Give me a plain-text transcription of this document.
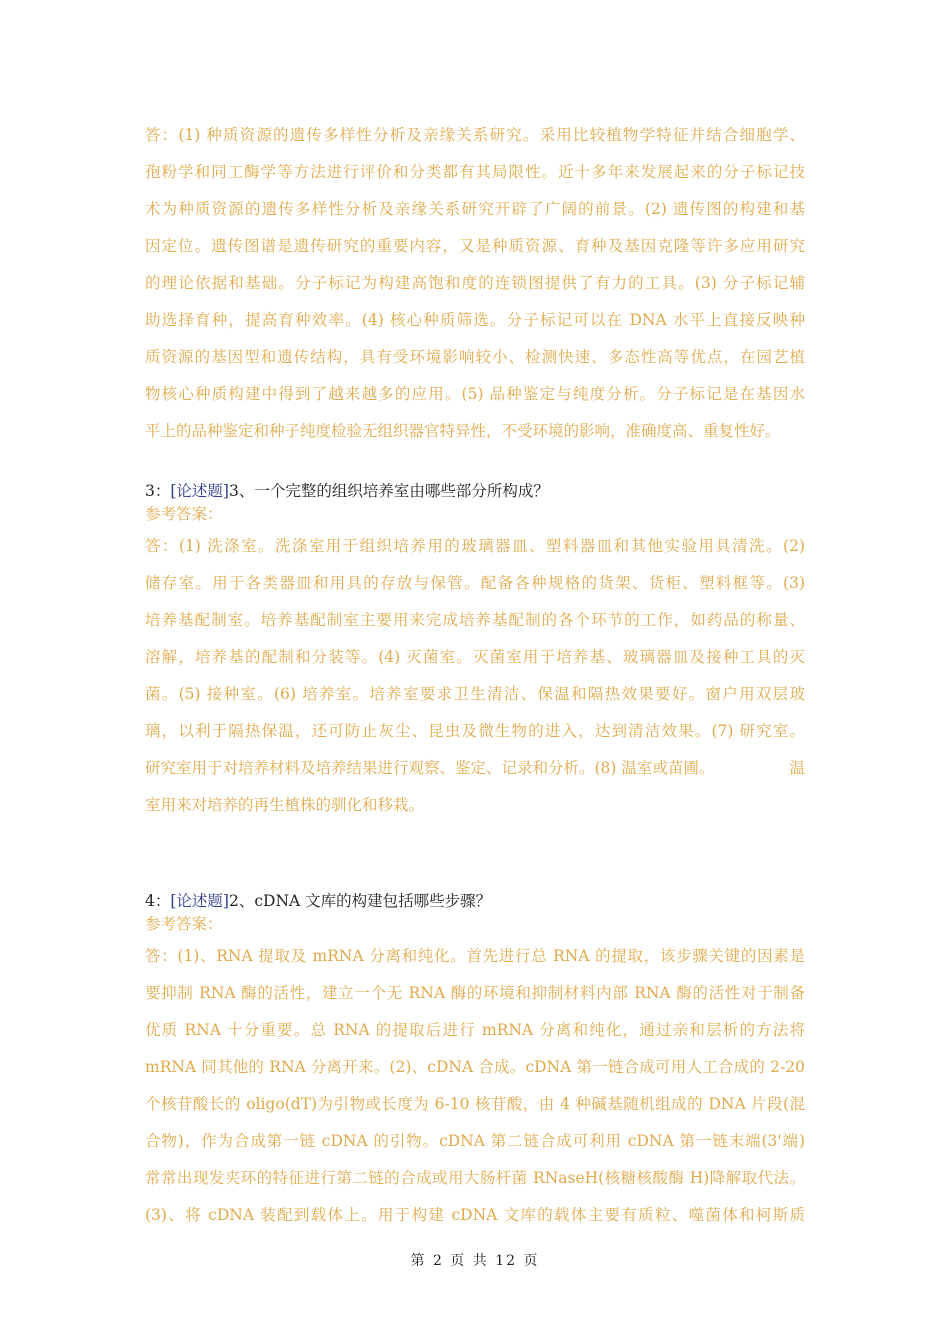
答：(1) 种质资源的遗传多样性分析及亲缘关系研究。采用比较植物学特征并结合细胞学、
孢粉学和同工酶学等方法进行评价和分类都有其局限性。近十多年来发展起来的分子标记技
术为种质资源的遗传多样性分析及亲缘关系研究开辟了广阔的前景。(2) 遗传图的构建和基
因定位。遗传图谱是遗传研究的重要内容，又是种质资源、育种及基因克隆等许多应用研究
的理论依据和基础。分子标记为构建高饱和度的连锁图提供了有力的工具。(3) 分子标记辅
助选择育种，提高育种效率。(4) 核心种质筛选。分子标记可以在 DNA 水平上直接反映种
质资源的基因型和遗传结构，具有受环境影响较小、检测快速、多态性高等优点，在园艺植
物核心种质构建中得到了越来越多的应用。(5) 品种鉴定与纯度分析。分子标记是在基因水
平上的品种鉴定和种子纯度检验无组织器官特异性，不受环境的影响，准确度高、重复性好。
3：[论述题]3、一个完整的组织培养室由哪些部分所构成？
参考答案：
答：(1) 洗涤室。洗涤室用于组织培养用的玻璃器皿、塑料器皿和其他实验用具清洗。(2)
储存室。用于各类器皿和用具的存放与保管。配备各种规格的货架、货柜、塑料框等。(3)
培养基配制室。培养基配制室主要用来完成培养基配制的各个环节的工作，如药品的称量、
溶解，培养基的配制和分装等。(4) 灭菌室。灭菌室用于培养基、玻璃器皿及接种工具的灭
菌。(5) 接种室。(6) 培养室。培养室要求卫生清洁、保温和隔热效果要好。窗户用双层玻
璃，以利于隔热保温，还可防止灰尘、昆虫及微生物的进入，达到清洁效果。(7) 研究室。
研究室用于对培养材料及培养结果进行观察、鉴定、记录和分析。(8) 温室或苗圃。	温
室用来对培养的再生植株的驯化和移栽。
4：[论述题]2、cDNA 文库的构建包括哪些步骤？
参考答案：
答：(1)、RNA 提取及 mRNA 分离和纯化。首先进行总 RNA 的提取，该步骤关键的因素是
要抑制 RNA 酶的活性，建立一个无 RNA 酶的环境和抑制材料内部 RNA 酶的活性对于制备
优质 RNA 十分重要。总 RNA 的提取后进行 mRNA 分离和纯化，通过亲和层析的方法将
mRNA 同其他的 RNA 分离开来。(2)、cDNA 合成。cDNA 第一链合成可用人工合成的 2-20
个核苷酸长的 oligo(dT)为引物或长度为 6-10 核苷酸，由 4 种碱基随机组成的 DNA 片段(混
合物)，作为合成第一链 cDNA 的引物。cDNA 第二链合成可利用 cDNA 第一链末端(3'端)
常常出现发夹环的特征进行第二链的合成或用大肠杆菌 RNaseH(核糖核酸酶 H)降解取代法。
(3)、将 cDNA 装配到载体上。用于构建 cDNA 文库的载体主要有质粒、噬菌体和柯斯质
第 2 页 共 12 页
